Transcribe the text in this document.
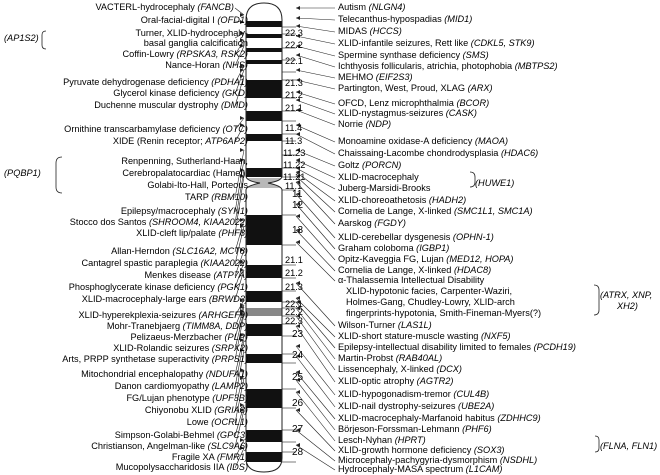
VACTERL-hydrocephaly (FANCB)
Oral-facial-digital I (OFD1)
Turner, XLID-hydrocephaly-
basal ganglia calcification
Coffin-Lowry (RPSKA3, RSK2)
Nance-Horan (NHS)
Pyruvate dehydrogenase deficiency (PDHA1)
Glycerol kinase deficiency (GKD)
Duchenne muscular dystrophy (DMD)
Ornithine transcarbamylase deficiency (OTC)
XIDE (Renin receptor; ATP6AP2)
Renpenning, Sutherland-Haan,
Cerebropalatocardiac (Hamel),
Golabi-Ito-Hall, Porteous
TARP (RBM10)
Epilepsy/macrocephaly (SYN1)
Stocco dos Santos (SHROOM4, KIAA2022)
XLID-cleft lip/palate (PHF8)
Allan-Herndon (SLC16A2, MCT8)
Cantagrel spastic paraplegia (KIAA2022)
Menkes disease (ATP7A)
Phosphoglycerate kinase deficiency (PGK1)
XLID-macrocephaly-large ears (BRWD3)
XLID-hyperekplexia-seizures (ARHGEF9)
Mohr-Tranebjaerg (TIMM8A, DDP)
Pelizaeus-Merzbacher (PLP)
XLID-Rolandic seizures (SRPX2)
Arts, PRPP synthetase superactivity (PRPS1)
Mitochondrial encephalopathy (NDUFA1)
Danon cardiomyopathy (LAMP2)
FG/Lujan phenotype (UPF3B)
Chiyonobu XLID (GRIA3)
Lowe (OCRL1)
Simpson-Golabi-Behmel (GPC3)
Christianson, Angelman-like (SLC9A6)
Fragile XA (FMR1)
Mucopolysaccharidosis IIA (IDS)
(AP1S2)
(PQBP1)
Autism (NLGN4)
Telecanthus-hypospadias (MID1)
MIDAS (HCCS)
XLID-infantile seizures, Rett like (CDKL5, STK9)
Spermine synthase deficiency (SMS)
Ichthyosis follicularis, atrichia, photophobia (MBTPS2)
MEHMO (EIF2S3)
Partington, West, Proud, XLAG (ARX)
OFCD, Lenz microphthalmia (BCOR)
XLID-nystagmus-seizures (CASK)
Norrie (NDP)
Monoamine oxidase-A deficiency (MAOA)
Chaissaing-Lacombe chondrodysplasia (HDAC6)
Goltz (PORCN)
XLID-macrocephaly
Juberg-Marsidi-Brooks
XLID-choreoathetosis (HADH2)
Cornelia de Lange, X-linked (SMC1L1, SMC1A)
Aarskog (FGDY)
XLID-cerebellar dysgenesis (OPHN-1)
Graham coloboma (IGBP1)
Opitz-Kaveggia FG, Lujan (MED12, HOPA)
Cornelia de Lange, X-linked (HDAC8)
α-Thalassemia Intellectual Disability
XLID-hypotonic facies, Carpenter-Waziri,
Holmes-Gang, Chudley-Lowry, XLID-arch
fingerprints-hypotonia, Smith-Fineman-Myers(?)
Wilson-Turner (LAS1L)
XLID-short stature-muscle wasting (NXF5)
Epilepsy-intellectual disability limited to females (PCDH19)
Martin-Probst (RAB40AL)
Lissencephaly, X-linked (DCX)
XLID-optic atrophy (AGTR2)
XLID-hypogonadism-tremor (CUL4B)
XLID-nail dystrophy-seizures (UBE2A)
XLID-macrocephaly-Marfanoid habitus (ZDHHC9)
Börjeson-Forssman-Lehmann (PHF6)
Lesch-Nyhan (HPRT)
XLID-growth hormone deficiency (SOX3)
Microcephaly-pachygyria-dysmorphism (NSDHL)
Hydrocephaly-MASA spectrum (L1CAM)
(HUWE1)
(ATRX, XNP,
XH2)
(FLNA, FLN1)
22.3
22.2
22.1
21.3
21.2
21.1
11.4
11.3
11.23
11.22
11.21
11.1
11
12
13
21.1
21.2
21.3
22.1
22.2
22.3
23
24
25
26
27
28
